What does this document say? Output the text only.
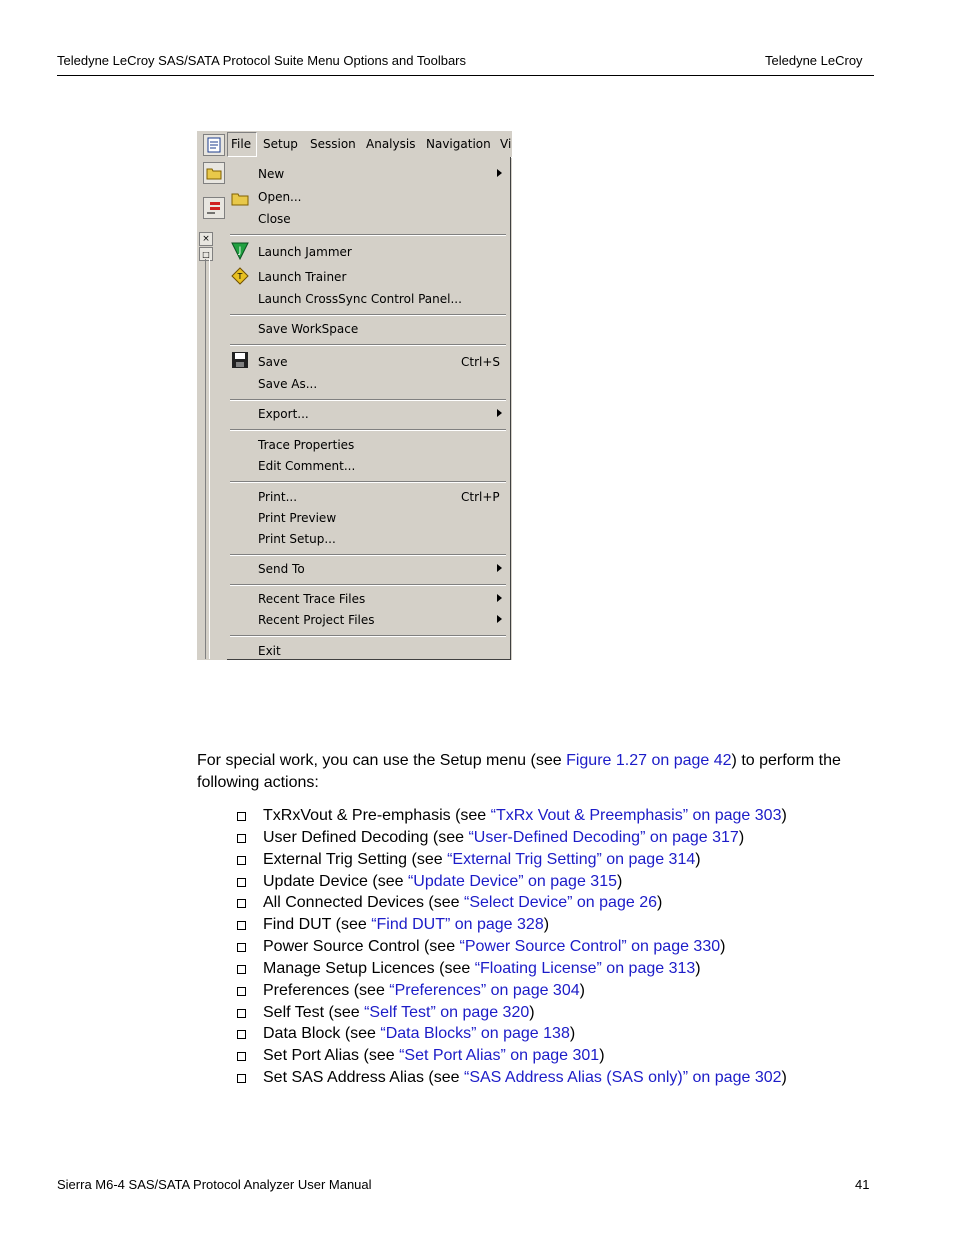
Teledyne LeCroy SAS/SATA Protocol Suite Menu Options and Toolbars	Teledyne LeCroy
×
□
File Setup Session Analysis Navigation Vi
New
Open...
Close
J Launch Jammer
T Launch Trainer
Launch CrossSync Control Panel...
Save WorkSpace
Save	Ctrl+S
Save As...
Export...
Trace Properties
Edit Comment...
Print...	Ctrl+P
Print Preview
Print Setup...
Send To
Recent Trace Files
Recent Project Files
Exit
For special work, you can use the Setup menu (see Figure 1.27 on page 42) to perform the following actions:
TxRxVout & Pre-emphasis (see “TxRx Vout & Preemphasis” on page 303)
User Defined Decoding (see “User-Defined Decoding” on page 317)
External Trig Setting (see “External Trig Setting” on page 314)
Update Device (see “Update Device” on page 315)
All Connected Devices (see “Select Device” on page 26)
Find DUT (see “Find DUT” on page 328)
Power Source Control (see “Power Source Control” on page 330)
Manage Setup Licences (see “Floating License” on page 313)
Preferences (see “Preferences” on page 304)
Self Test (see “Self Test” on page 320)
Data Block (see “Data Blocks” on page 138)
Set Port Alias (see “Set Port Alias” on page 301)
Set SAS Address Alias (see “SAS Address Alias (SAS only)” on page 302)
Sierra M6-4 SAS/SATA Protocol Analyzer User Manual	41
